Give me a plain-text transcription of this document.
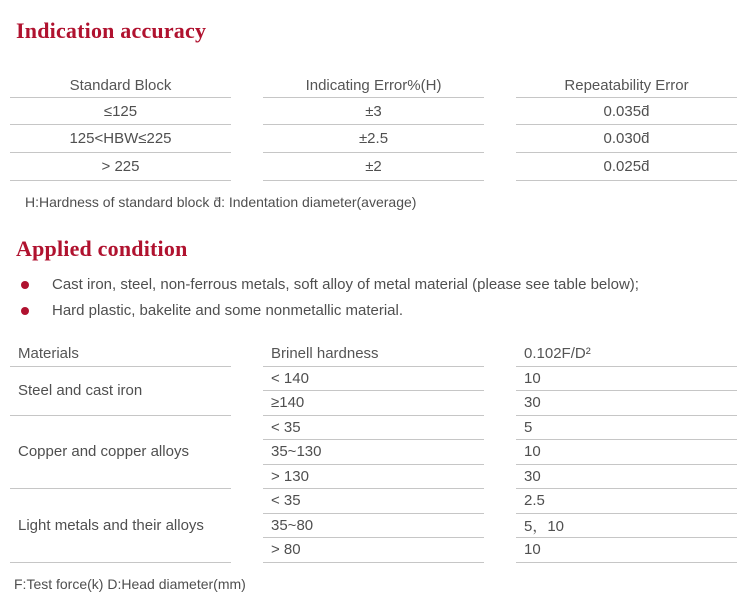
Indication accuracy
Standard Block	Indicating Error%(H)	Repeatability Error
≤125	±3	0.035d̄
125<HBW≤225	±2.5	0.030d̄
> 225	±2	0.025d̄
H:Hardness of standard block d̄: Indentation diameter(average)
Applied condition
Cast iron, steel, non-ferrous metals, soft alloy of metal material (please see table below);
Hard plastic, bakelite and some nonmetallic material.
Materials	Brinell hardness	0.102F/D²
Steel and cast iron
< 140	10
≥140	30
Copper and copper alloys
< 35	5
35~130	10
> 130	30
Light metals and their alloys
< 35	2.5
35~80	5，10
> 80	10
F:Test force(k) D:Head diameter(mm)
